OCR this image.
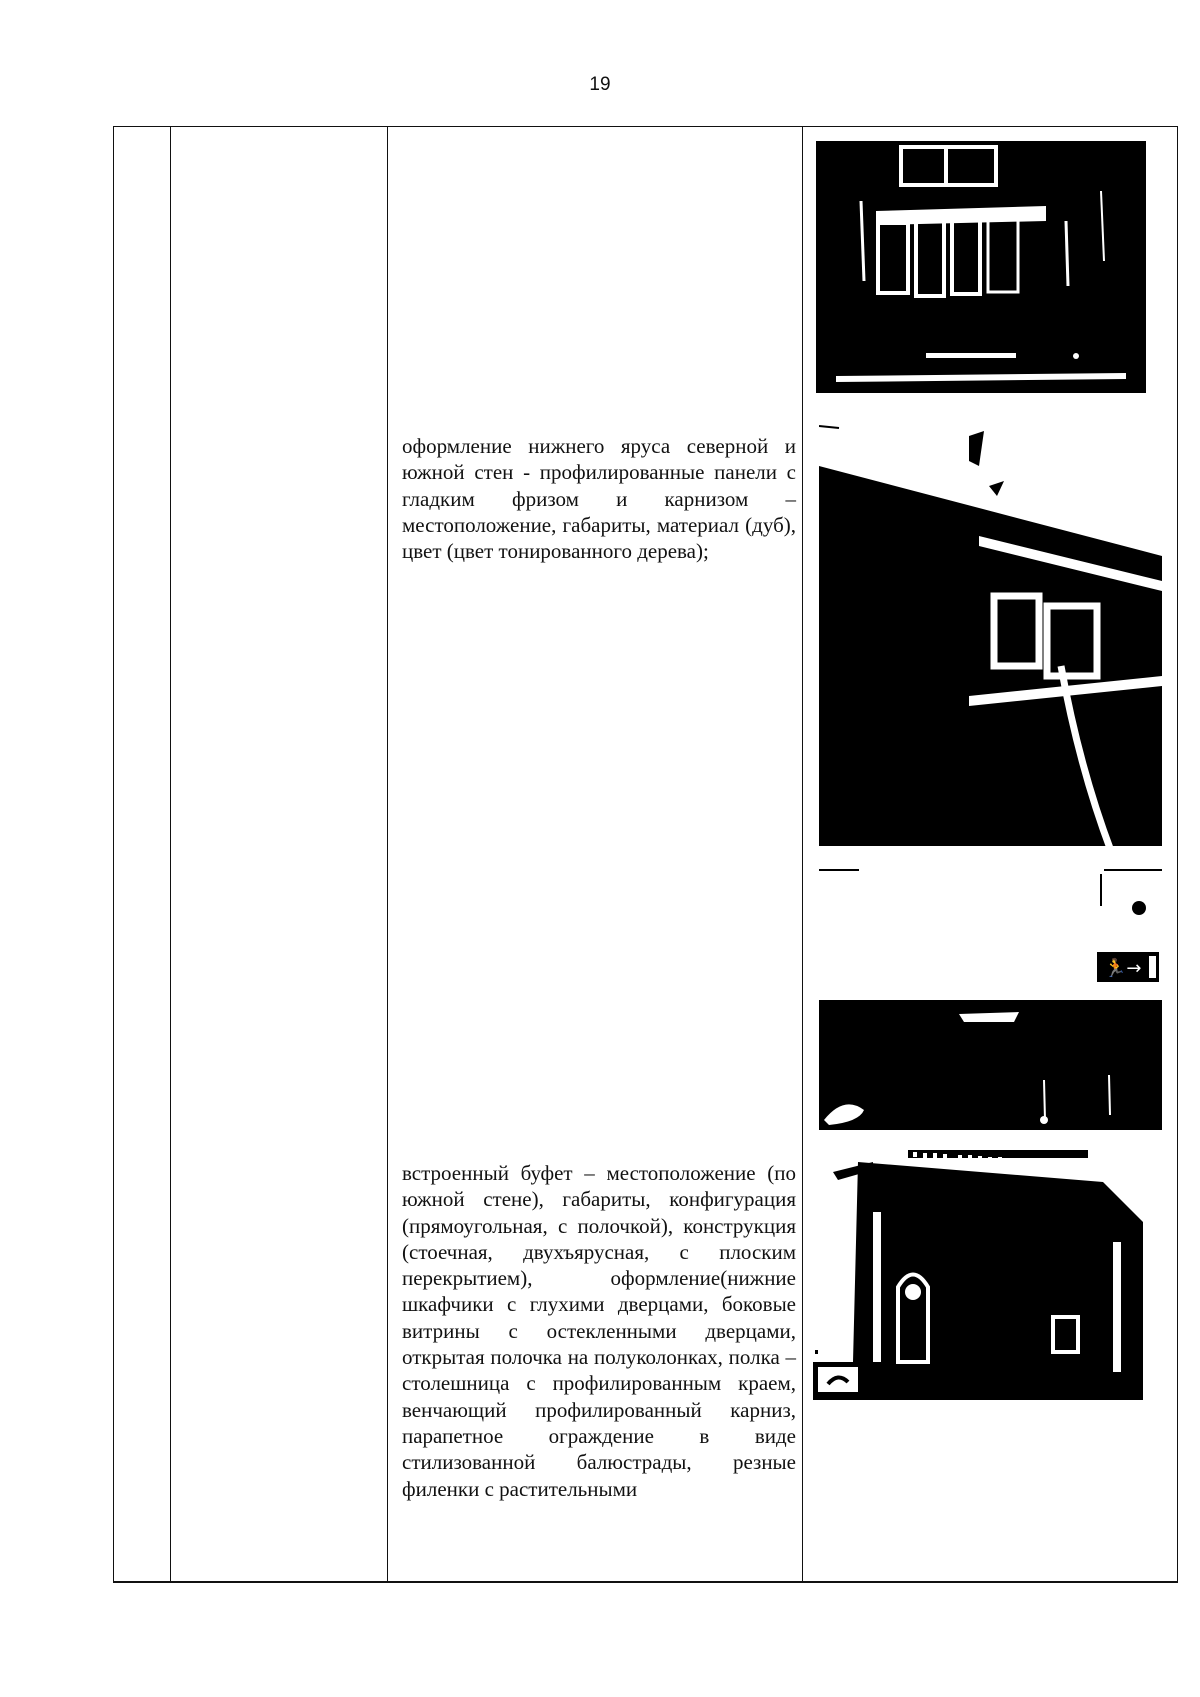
19
оформление нижнего яруса северной и южной стен - профилированные панели с гладким фризом и карнизом – местоположение, габариты, материал (дуб), цвет (цвет тонированного дерева);
встроенный буфет – местоположение (по южной стене), габариты, конфигурация (прямоугольная, с полочкой), конструкция (стоечная, двухъярусная, с плоским перекрытием), оформление(нижние шкафчики с глухими дверцами, боковые витрины с остекленными дверцами, открытая полочка на полуколонках, полка – столешница с профилированным краем, венчающий профилированный карниз, парапетное ограждение в виде стилизованной балюстрады, резные филенки с растительными
🏃→
